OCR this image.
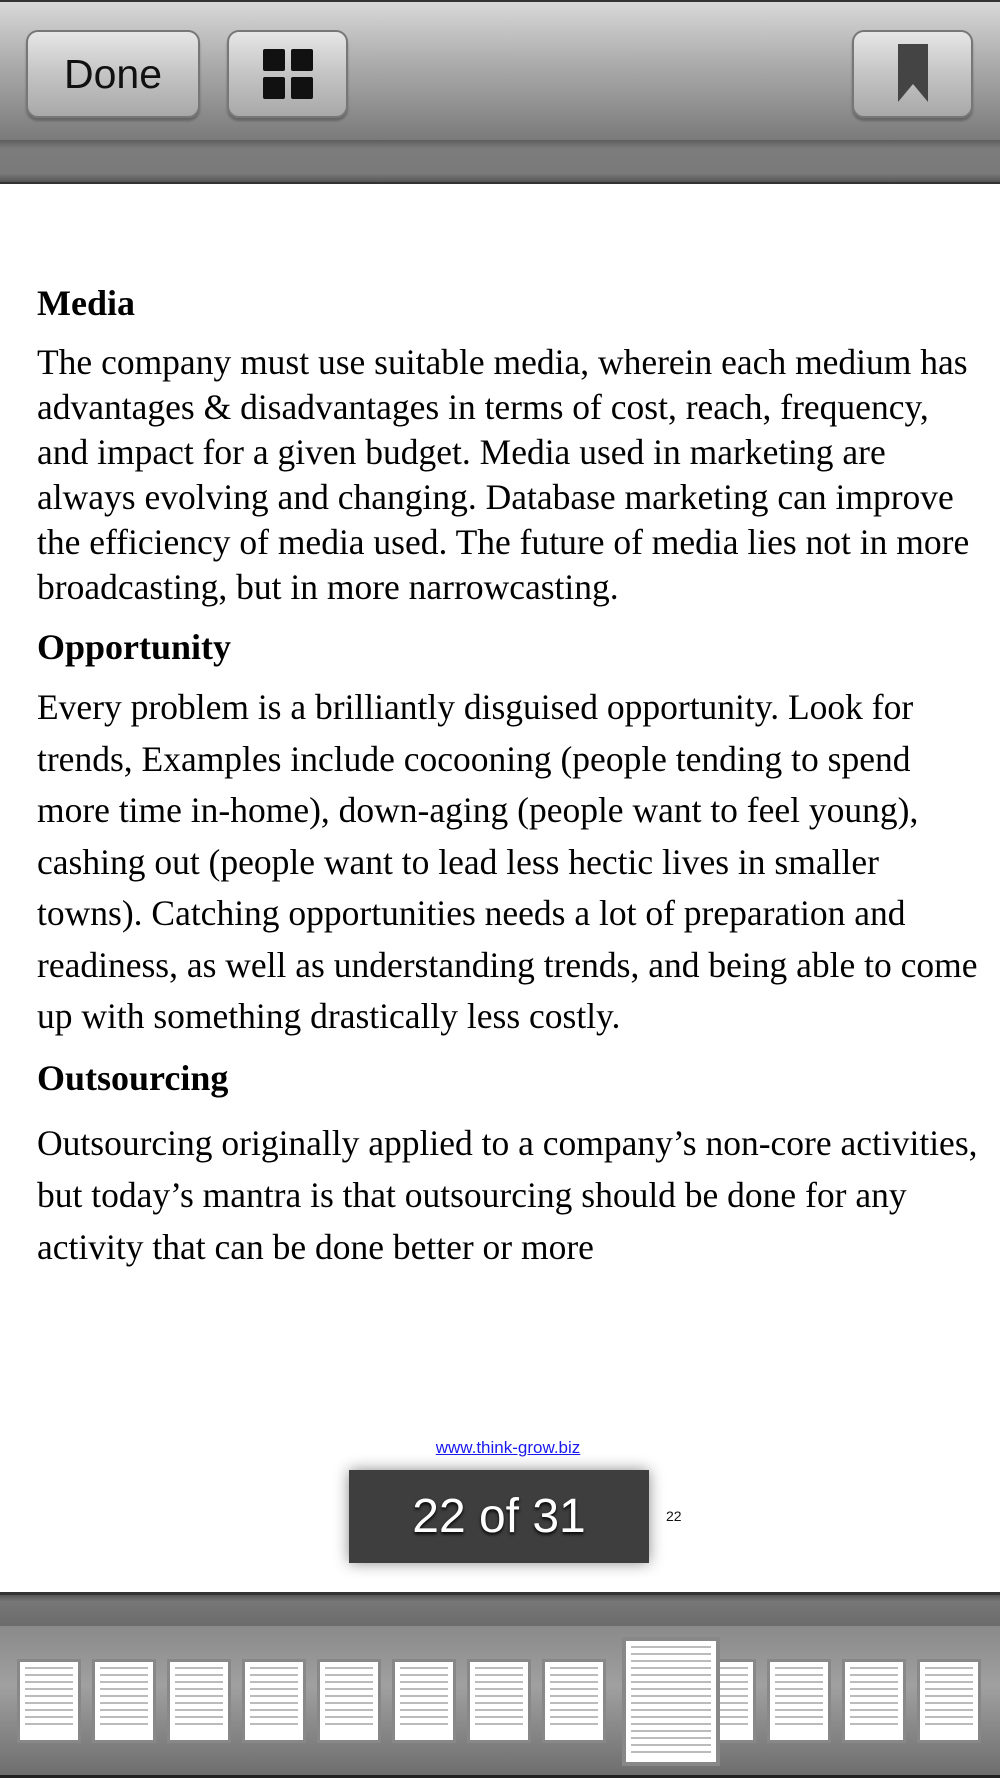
Done
Media

The company must use suitable media, wherein each medium has advantages & disadvantages in terms of cost, reach, frequency, and impact for a given budget. Media used in marketing are always evolving and changing. Database marketing can improve the efficiency of media used. The future of media lies not in more broadcasting, but in more narrowcasting.

Opportunity

Every problem is a brilliantly disguised opportunity. Look for trends, Examples include cocooning (people tending to spend more time in-home), down-aging (people want to feel young), cashing out (people want to lead less hectic lives in smaller towns). Catching opportunities needs a lot of preparation and readiness, as well as understanding trends, and being able to come up with something drastically less costly.

Outsourcing

Outsourcing originally applied to a company’s non-core activities, but today’s mantra is that outsourcing should be done for any activity that can be done better or more

www.think-grow.biz
22 of 31	22
